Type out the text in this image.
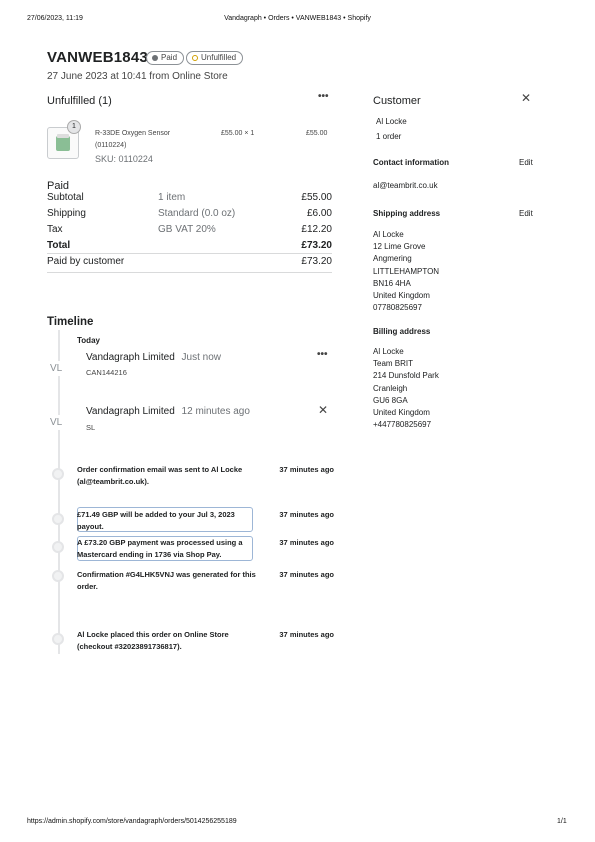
27/06/2023, 11:19	Vandagraph • Orders • VANWEB1843 • Shopify
https://admin.shopify.com/store/vandagraph/orders/5014256255189	1/1
VANWEB1843 Paid	Unfulfilled
27 June 2023 at 10:41 from Online Store
Unfulfilled (1)	•••
1
R-33DE Oxygen Sensor
(0110224)
SKU: 0110224
£55.00 × 1	£55.00
Paid
Subtotal	1 item	£55.00
Shipping	Standard (0.0 oz)	£6.00
Tax	GB VAT 20%	£12.20
Total	£73.20
Paid by customer	£73.20
Timeline
Today
VL
Vandagraph Limited Just now
CAN144216
•••
VL
Vandagraph Limited 12 minutes ago
SL
✕
Order confirmation email was sent to Al Locke
(al@teambrit.co.uk).
37 minutes ago
£71.49 GBP will be added to your Jul 3, 2023
payout.
37 minutes ago
A £73.20 GBP payment was processed using a
Mastercard ending in 1736 via Shop Pay.
37 minutes ago
Confirmation #G4LHK5VNJ was generated for this
order.
37 minutes ago
Al Locke placed this order on Online Store
(checkout #32023891736817).
37 minutes ago
Customer	✕
Al Locke
1 order
Contact information	Edit
al@teambrit.co.uk
Shipping address	Edit
Al Locke
12 Lime Grove
Angmering
LITTLEHAMPTON
BN16 4HA
United Kingdom
07780825697
Billing address
Al Locke
Team BRIT
214 Dunsfold Park
Cranleigh
GU6 8GA
United Kingdom
+447780825697
